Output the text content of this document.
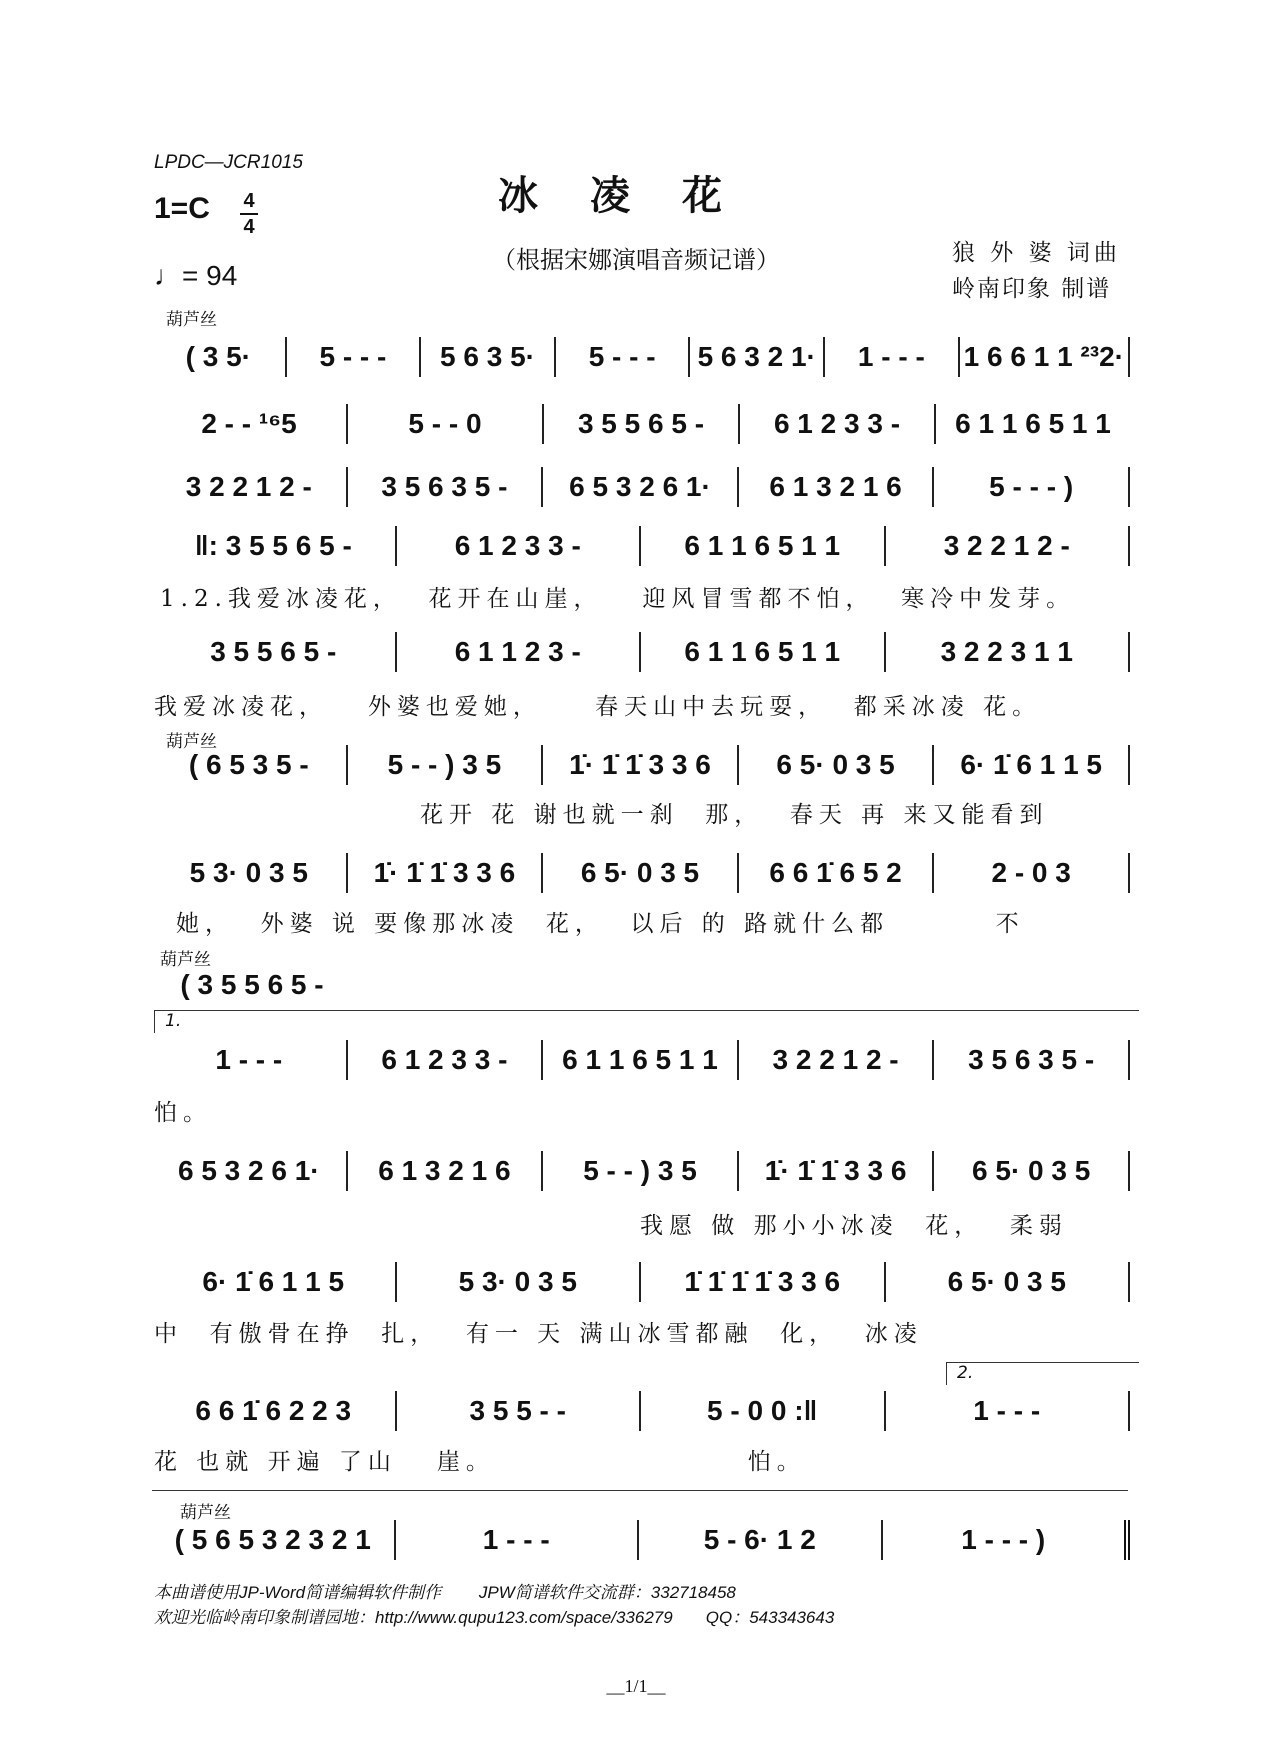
LPDC—JCR1015
冰凌花
1=C 4
4
♩= 94	（根据宋娜演唱音频记谱）	狼 外 婆 词曲
岭南印象 制谱
葫芦丝
葫芦丝
葫芦丝
葫芦丝
( 3 5·	5 - - -	5 6 3 5·	5 - - -	5 6 3 2 1·	1 - - -	1 6 6 1 1 ²³2·
2 - - ¹⁶5	5 - - 0	3 5 5 6 5 -	6 1 2 3 3 -	6 1 1 6 5 1 1
3 2 2 1 2 -	3 5 6 3 5 -	6 5 3 2 6 1·	6 1 3 2 1 6	5 - - - )
‖: 3 5 5 6 5 -	6 1 2 3 3 -	6 1 1 6 5 1 1	3 2 2 1 2 -
1.2.我爱冰凌花，  花开在山崖，   迎风冒雪都不怕，  寒冷中发芽。
3 5 5 6 5 -	6 1 1 2 3 -	6 1 1 6 5 1 1	3 2 2 3 1 1
我爱冰凌花，   外婆也爱她，    春天山中去玩耍，  都采冰凌 花。
( 6 5 3 5 -	5 - - ) 3 5	1̇· 1̇ 1̇ 3 3 6	6 5· 0 3 5	6· 1̇ 6 1 1 5
花开 花 谢也就一刹  那，  春天 再 来又能看到
5 3· 0 3 5	1̇· 1̇ 1̇ 3 3 6	6 5· 0 3 5	6 6 1̇ 6 5 2	2 - 0 3
她，  外婆 说 要像那冰凌  花，  以后 的 路就什么都        不
( 3 5 5 6 5 -
1.
1 - - -	6 1 2 3 3 -	6 1 1 6 5 1 1	3 2 2 1 2 -	3 5 6 3 5 -
怕。
6 5 3 2 6 1·	6 1 3 2 1 6	5 - - ) 3 5	1̇· 1̇ 1̇ 3 3 6	6 5· 0 3 5
我愿 做 那小小冰凌  花，  柔弱
6· 1̇ 6 1 1 5	5 3· 0 3 5	1̇ 1̇ 1̇ 1̇ 3 3 6	6 5· 0 3 5
中  有傲骨在挣  扎，  有一 天 满山冰雪都融  化，  冰凌
2.
6 6 1̇ 6 2 2 3	3 5 5 - -	5 - 0 0 :‖	1 - - -
花 也就 开遍 了山   崖。                   怕。
( 5 6 5 3 2 3 2 1	1 - - -	5 - 6· 1 2	1 - - - )
本曲谱使用JP-Word简谱编辑软件制作        JPW简谱软件交流群：332718458
欢迎光临岭南印象制谱园地：http://www.qupu123.com/space/336279       QQ：543343643
__1/1__
